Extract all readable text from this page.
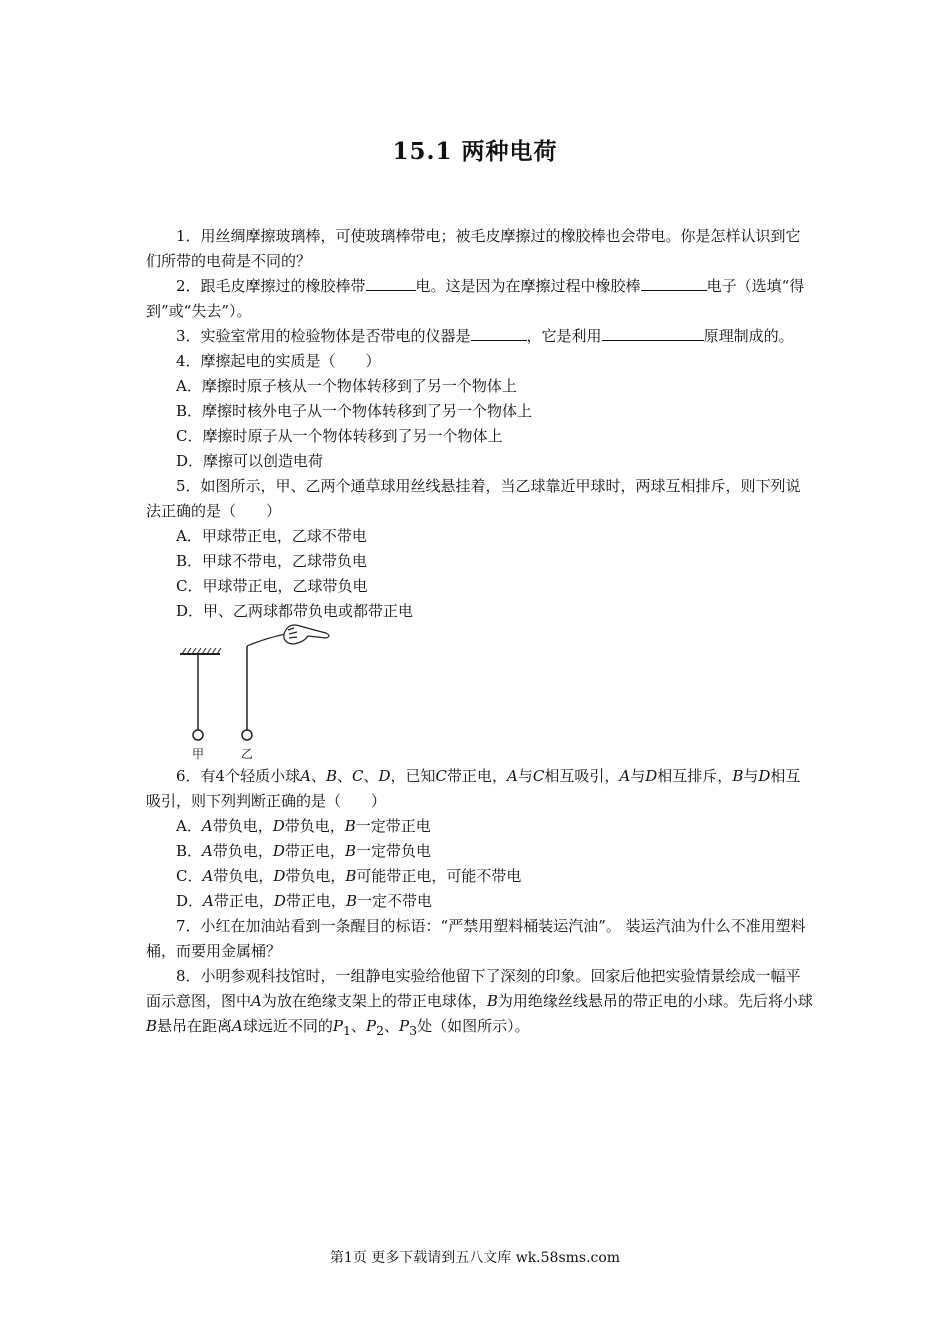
15.1 两种电荷

1．用丝绸摩擦玻璃棒，可使玻璃棒带电；被毛皮摩擦过的橡胶棒也会带电。你是怎样认识到它们所带的电荷是不同的？

2．跟毛皮摩擦过的橡胶棒带	电。这是因为在摩擦过程中橡胶棒	电子（选填“得到”或“失去”）。

3．实验室常用的检验物体是否带电的仪器是	，它是利用	原理制成的。

4．摩擦起电的实质是（　　）

A．摩擦时原子核从一个物体转移到了另一个物体上

B．摩擦时核外电子从一个物体转移到了另一个物体上

C．摩擦时原子从一个物体转移到了另一个物体上

D．摩擦可以创造电荷

5．如图所示，甲、乙两个通草球用丝线悬挂着，当乙球靠近甲球时，两球互相排斥，则下列说法正确的是（　　）

A．甲球带正电，乙球不带电

B．甲球不带电，乙球带负电

C．甲球带正电，乙球带负电

D．甲、乙两球都带负电或都带正电

甲	乙

6．有4个轻质小球A、B、C、D，已知C带正电，A与C相互吸引，A与D相互排斥，B与D相互吸引，则下列判断正确的是（　　）

A．A带负电，D带负电，B一定带正电

B．A带负电，D带正电，B一定带负电

C．A带负电，D带负电，B可能带正电，可能不带电

D．A带正电，D带正电，B一定不带电

7．小红在加油站看到一条醒目的标语：“严禁用塑料桶装运汽油”。 装运汽油为什么不准用塑料桶，而要用金属桶？

8．小明参观科技馆时，一组静电实验给他留下了深刻的印象。回家后他把实验情景绘成一幅平面示意图，图中A为放在绝缘支架上的带正电球体，B为用绝缘丝线悬吊的带正电的小球。先后将小球B悬吊在距离A球远近不同的$P_1$、$P_2$、$P_3$处（如图所示）。

第1页 更多下载请到五八文库 wk.58sms.com
